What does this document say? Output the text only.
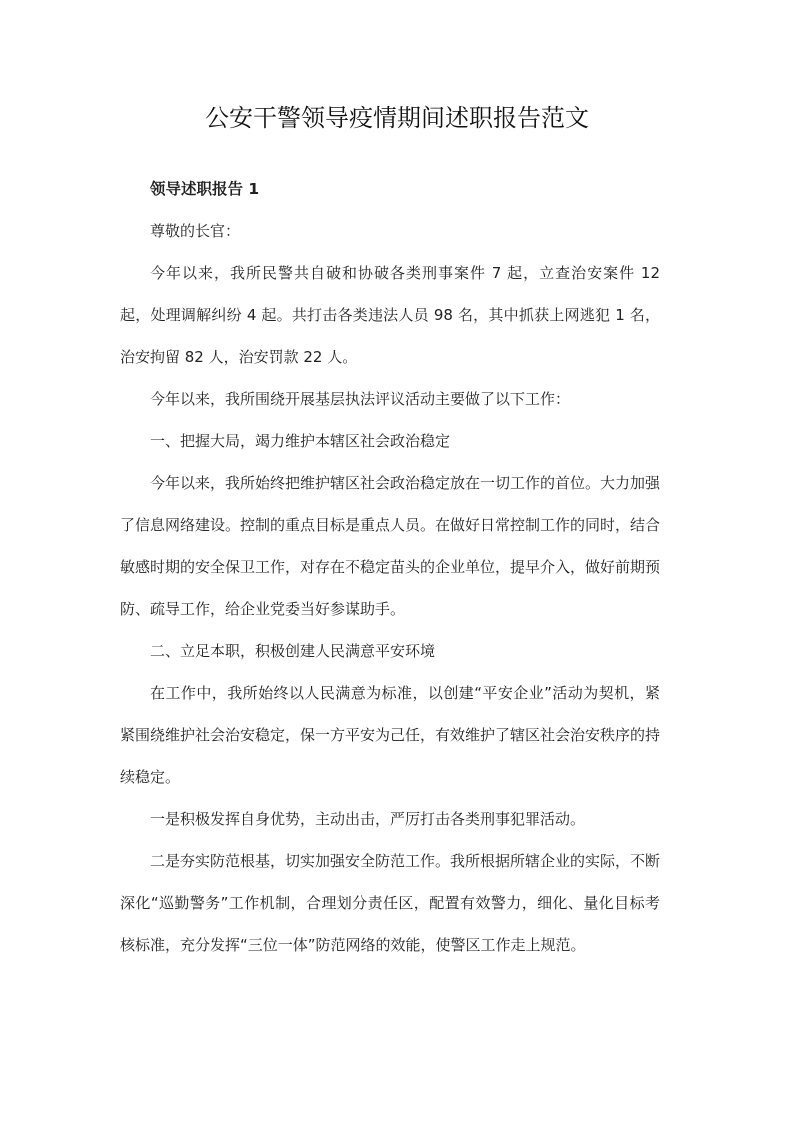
公安干警领导疫情期间述职报告范文

领导述职报告 1

尊敬的长官：

今年以来，我所民警共自破和协破各类刑事案件 7 起，立查治安案件 12 起，处理调解纠纷 4 起。共打击各类违法人员 98 名，其中抓获上网逃犯 1 名，治安拘留 82 人，治安罚款 22 人。

今年以来，我所围绕开展基层执法评议活动主要做了以下工作：

一、把握大局，竭力维护本辖区社会政治稳定

今年以来，我所始终把维护辖区社会政治稳定放在一切工作的首位。大力加强了信息网络建设。控制的重点目标是重点人员。在做好日常控制工作的同时，结合敏感时期的安全保卫工作，对存在不稳定苗头的企业单位，提早介入，做好前期预防、疏导工作，给企业党委当好参谋助手。

二、立足本职，积极创建人民满意平安环境

在工作中，我所始终以人民满意为标准，以创建“平安企业”活动为契机，紧紧围绕维护社会治安稳定，保一方平安为己任，有效维护了辖区社会治安秩序的持续稳定。

一是积极发挥自身优势，主动出击，严厉打击各类刑事犯罪活动。

二是夯实防范根基，切实加强安全防范工作。我所根据所辖企业的实际，不断深化“巡勤警务”工作机制，合理划分责任区，配置有效警力，细化、量化目标考核标准，充分发挥“三位一体”防范网络的效能，使警区工作走上规范。
